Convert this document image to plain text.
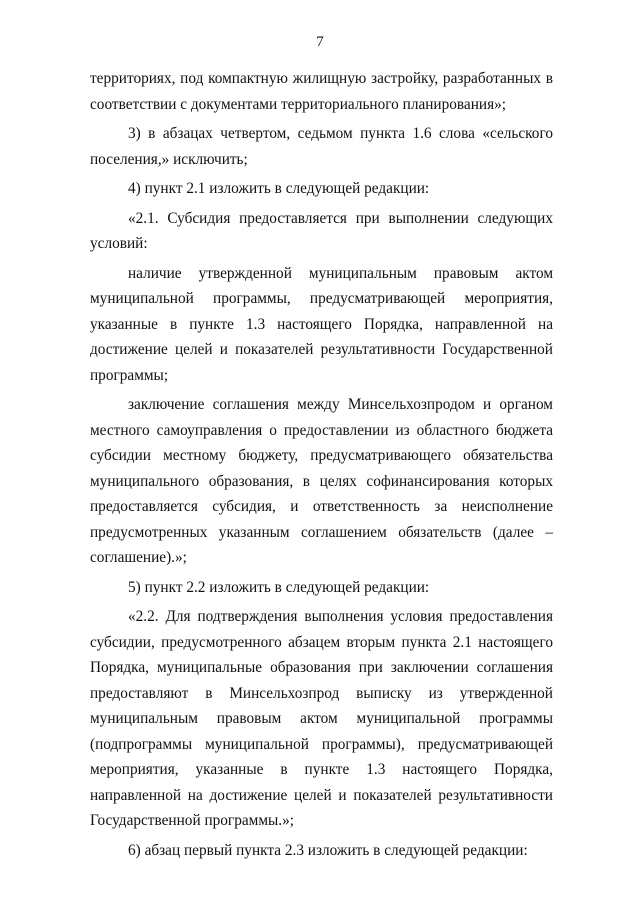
7

территориях, под компактную жилищную застройку, разработанных в соответствии с документами территориального планирования»;

3) в абзацах четвертом, седьмом пункта 1.6 слова «сельского поселения,» исключить;

4) пункт 2.1 изложить в следующей редакции:

«2.1. Субсидия предоставляется при выполнении следующих условий:

наличие утвержденной муниципальным правовым актом муниципальной программы, предусматривающей мероприятия, указанные в пункте 1.3 настоящего Порядка, направленной на достижение целей и показателей результативности Государственной программы;

заключение соглашения между Минсельхозпродом и органом местного самоуправления о предоставлении из областного бюджета субсидии местному бюджету, предусматривающего обязательства муниципального образования, в целях софинансирования которых предоставляется субсидия, и ответственность за неисполнение предусмотренных указанным соглашением обязательств (далее – соглашение).»;

5) пункт 2.2 изложить в следующей редакции:

«2.2. Для подтверждения выполнения условия предоставления субсидии, предусмотренного абзацем вторым пункта 2.1 настоящего Порядка, муниципальные образования при заключении соглашения предоставляют в Минсельхозпрод выписку из утвержденной муниципальным правовым актом муниципальной программы (подпрограммы муниципальной программы), предусматривающей мероприятия, указанные в пункте 1.3 настоящего Порядка, направленной на достижение целей и показателей результативности Государственной программы.»;

6) абзац первый пункта 2.3 изложить в следующей редакции:
